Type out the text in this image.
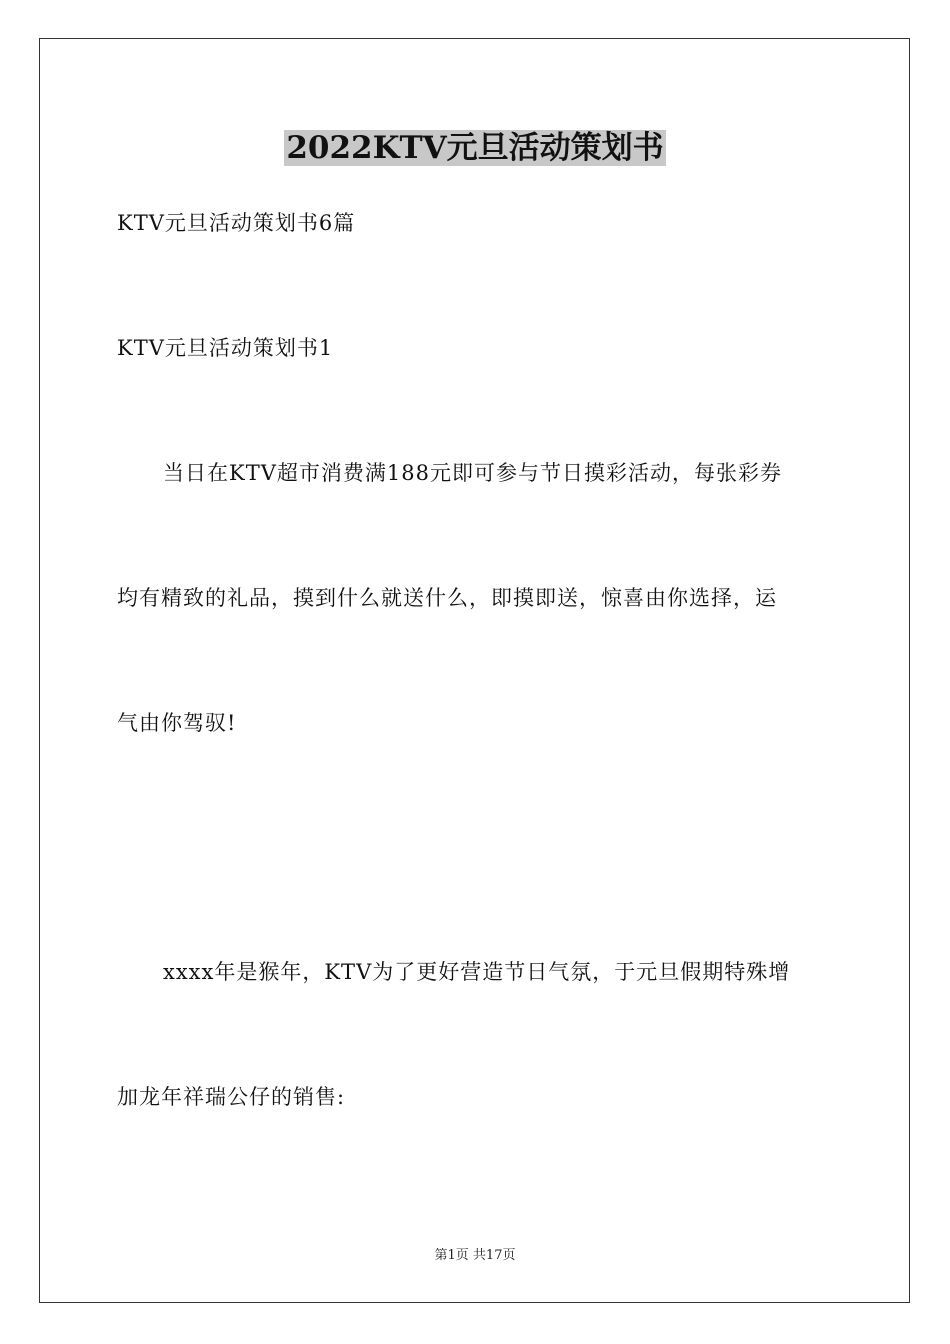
2022KTV元旦活动策划书
KTV元旦活动策划书6篇
KTV元旦活动策划书1
当日在KTV超市消费满188元即可参与节日摸彩活动，每张彩券
均有精致的礼品，摸到什么就送什么，即摸即送，惊喜由你选择，运
气由你驾驭!
xxxx年是猴年，KTV为了更好营造节日气氛，于元旦假期特殊增
加龙年祥瑞公仔的销售:
第1页 共17页
